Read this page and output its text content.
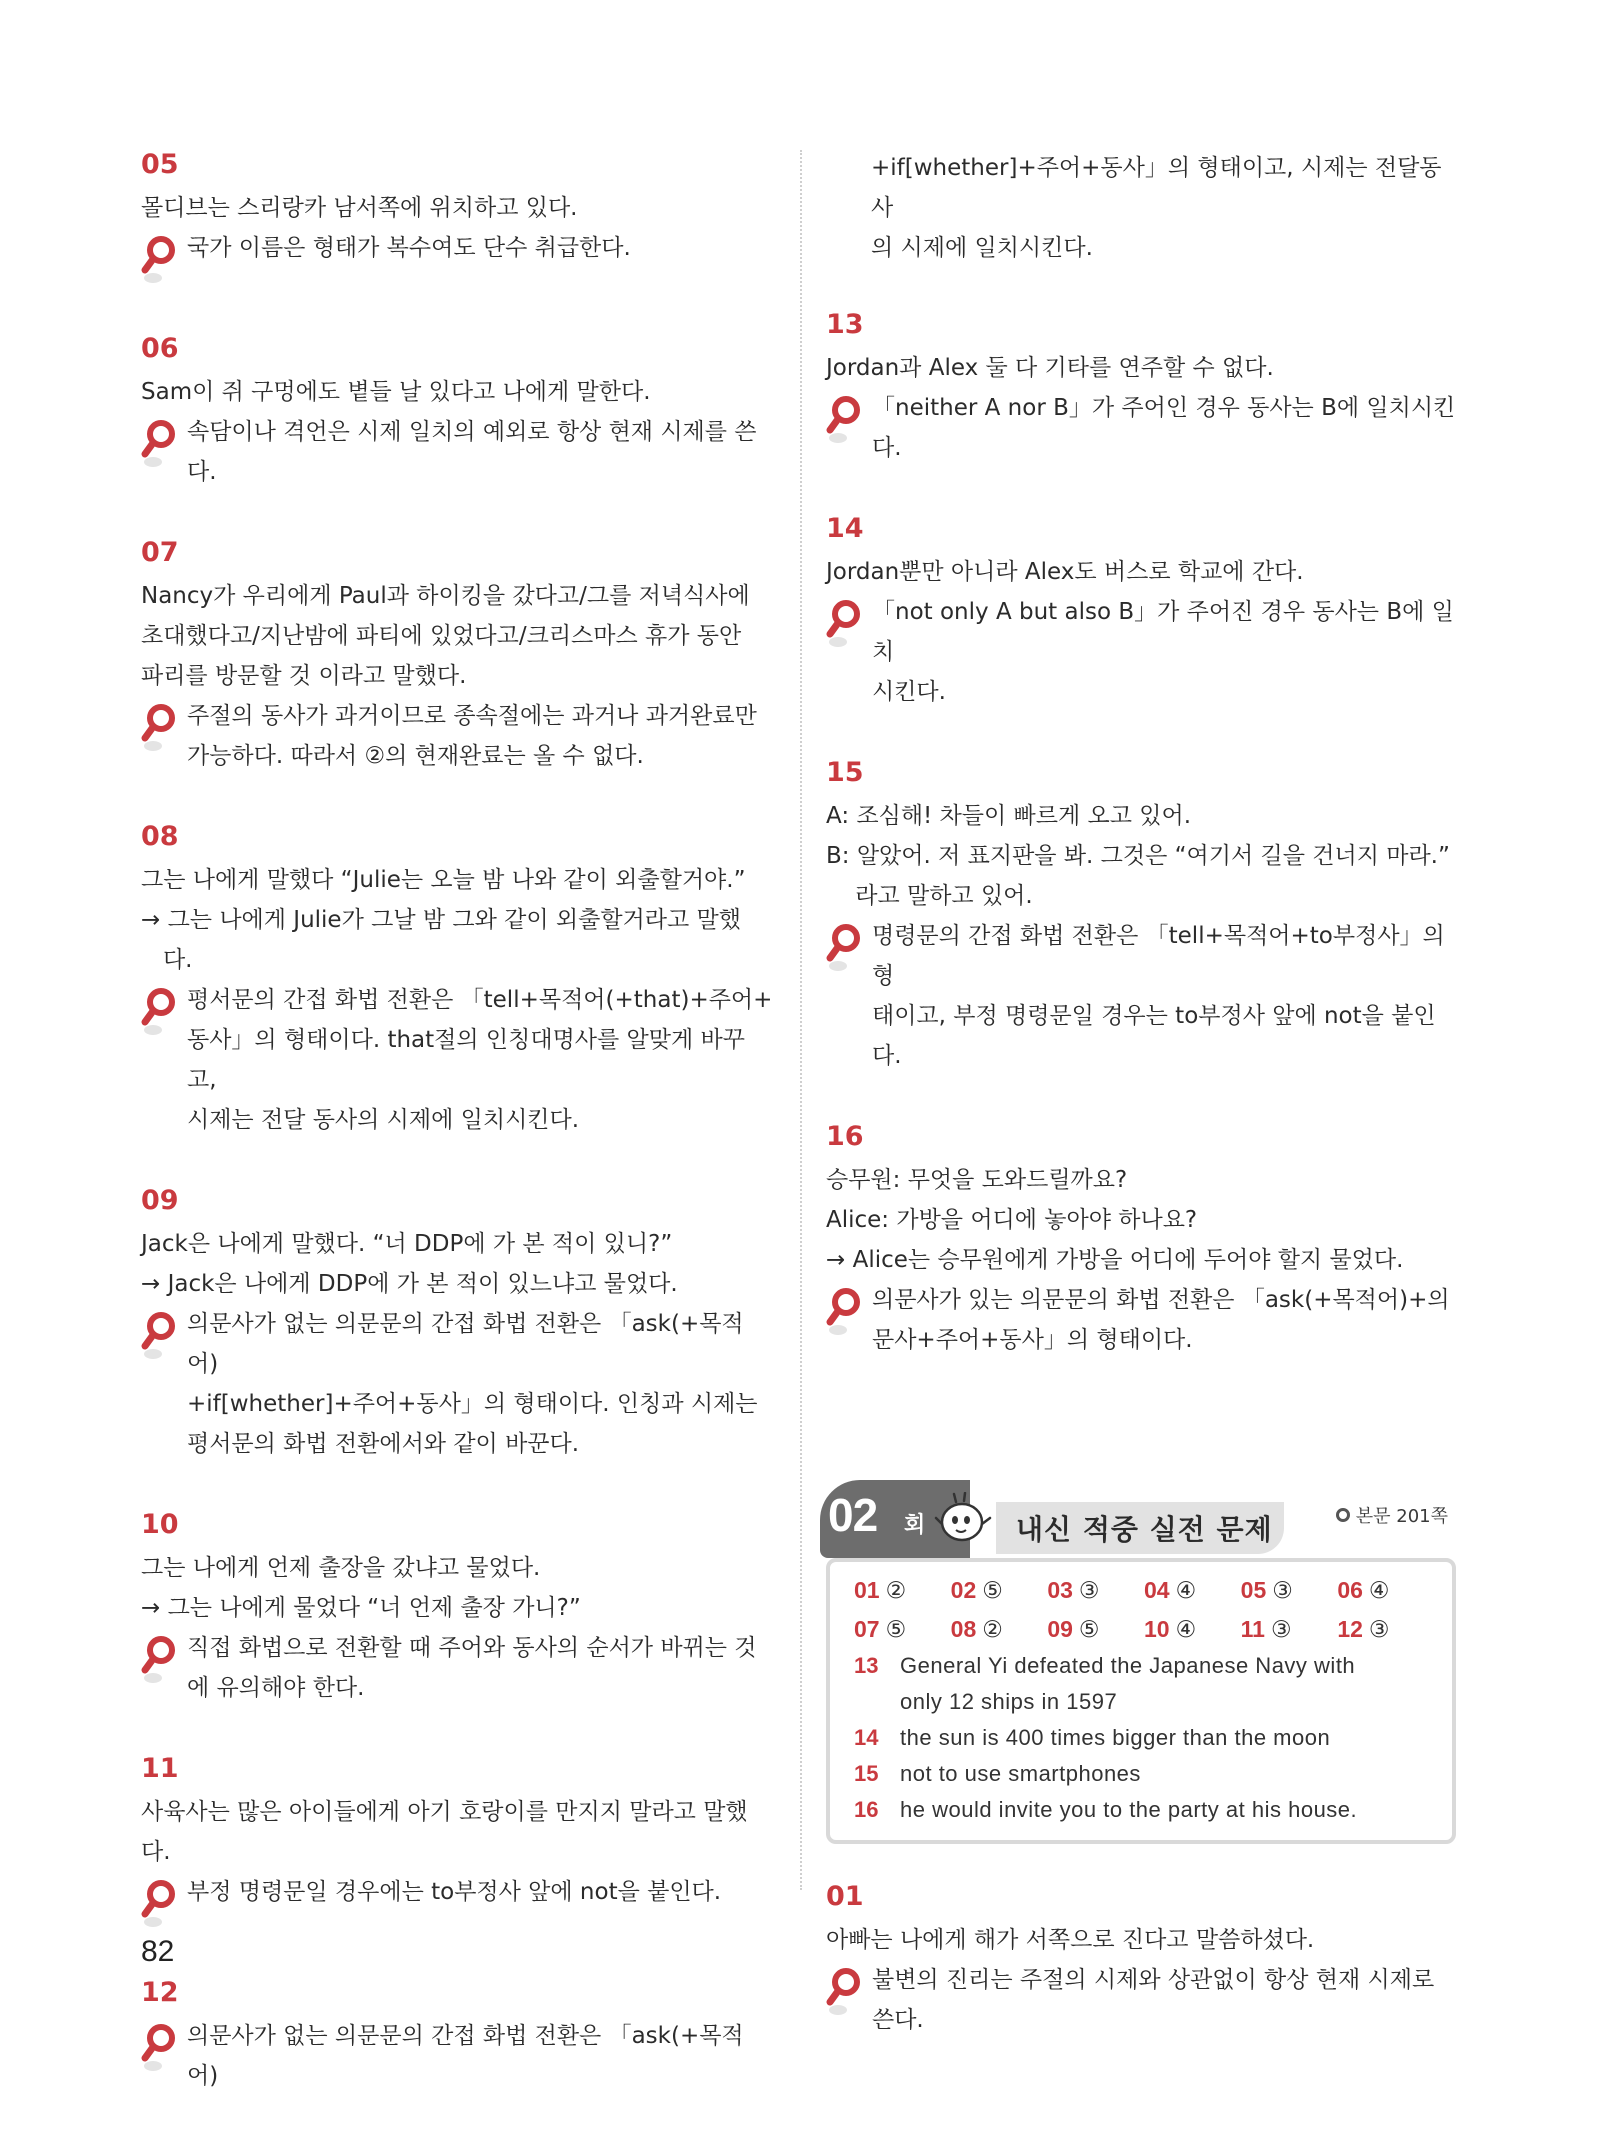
05
몰디브는 스리랑카 남서쪽에 위치하고 있다.
국가 이름은 형태가 복수여도 단수 취급한다.
06
Sam이 쥐 구멍에도 볕들 날 있다고 나에게 말한다.
속담이나 격언은 시제 일치의 예외로 항상 현재 시제를 쓴
다.
07
Nancy가 우리에게 Paul과 하이킹을 갔다고/그를 저녁식사에
초대했다고/지난밤에 파티에 있었다고/크리스마스 휴가 동안
파리를 방문할 것 이라고 말했다.
주절의 동사가 과거이므로 종속절에는 과거나 과거완료만
가능하다. 따라서 ②의 현재완료는 올 수 없다.
08
그는 나에게 말했다 “Julie는 오늘 밤 나와 같이 외출할거야.”
→ 그는 나에게 Julie가 그날 밤 그와 같이 외출할거라고 말했
다.
평서문의 간접 화법 전환은 「tell+목적어(+that)+주어+
동사」의 형태이다. that절의 인칭대명사를 알맞게 바꾸고,
시제는 전달 동사의 시제에 일치시킨다.
09
Jack은 나에게 말했다. “너 DDP에 가 본 적이 있니?”
→ Jack은 나에게 DDP에 가 본 적이 있느냐고 물었다.
의문사가 없는 의문문의 간접 화법 전환은 「ask(+목적어)
+if[whether]+주어+동사」의 형태이다. 인칭과 시제는
평서문의 화법 전환에서와 같이 바꾼다.
10
그는 나에게 언제 출장을 갔냐고 물었다.
→ 그는 나에게 물었다 “너 언제 출장 가니?”
직접 화법으로 전환할 때 주어와 동사의 순서가 바뀌는 것
에 유의해야 한다.
11
사육사는 많은 아이들에게 아기 호랑이를 만지지 말라고 말했
다.
부정 명령문일 경우에는 to부정사 앞에 not을 붙인다.
12
의문사가 없는 의문문의 간접 화법 전환은 「ask(+목적어)
+if[whether]+주어+동사」의 형태이고, 시제는 전달동사
의 시제에 일치시킨다.
13
Jordan과 Alex 둘 다 기타를 연주할 수 없다.
「neither A nor B」가 주어인 경우 동사는 B에 일치시킨다.
14
Jordan뿐만 아니라 Alex도 버스로 학교에 간다.
「not only A but also B」가 주어진 경우 동사는 B에 일치
시킨다.
15
A: 조심해! 차들이 빠르게 오고 있어.
B: 알았어. 저 표지판을 봐. 그것은 “여기서 길을 건너지 마라.”
라고 말하고 있어.
명령문의 간접 화법 전환은 「tell+목적어+to부정사」의 형
태이고, 부정 명령문일 경우는 to부정사 앞에 not을 붙인
다.
16
승무원: 무엇을 도와드릴까요?
Alice: 가방을 어디에 놓아야 하나요?
→ Alice는 승무원에게 가방을 어디에 두어야 할지 물었다.
의문사가 있는 의문문의 화법 전환은 「ask(+목적어)+의
문사+주어+동사」의 형태이다.
02 회	내신 적중 실전 문제	본문 201쪽
01 ②	02 ⑤	03 ③	04 ④	05 ③	06 ④
07 ⑤	08 ②	09 ⑤	10 ④	11 ③	12 ③
13 General Yi defeated the Japanese Navy with
only 12 ships in 1597
14 the sun is 400 times bigger than the moon
15 not to use smartphones
16 he would invite you to the party at his house.
01
아빠는 나에게 해가 서쪽으로 진다고 말씀하셨다.
불변의 진리는 주절의 시제와 상관없이 항상 현재 시제로
쓴다.
82
